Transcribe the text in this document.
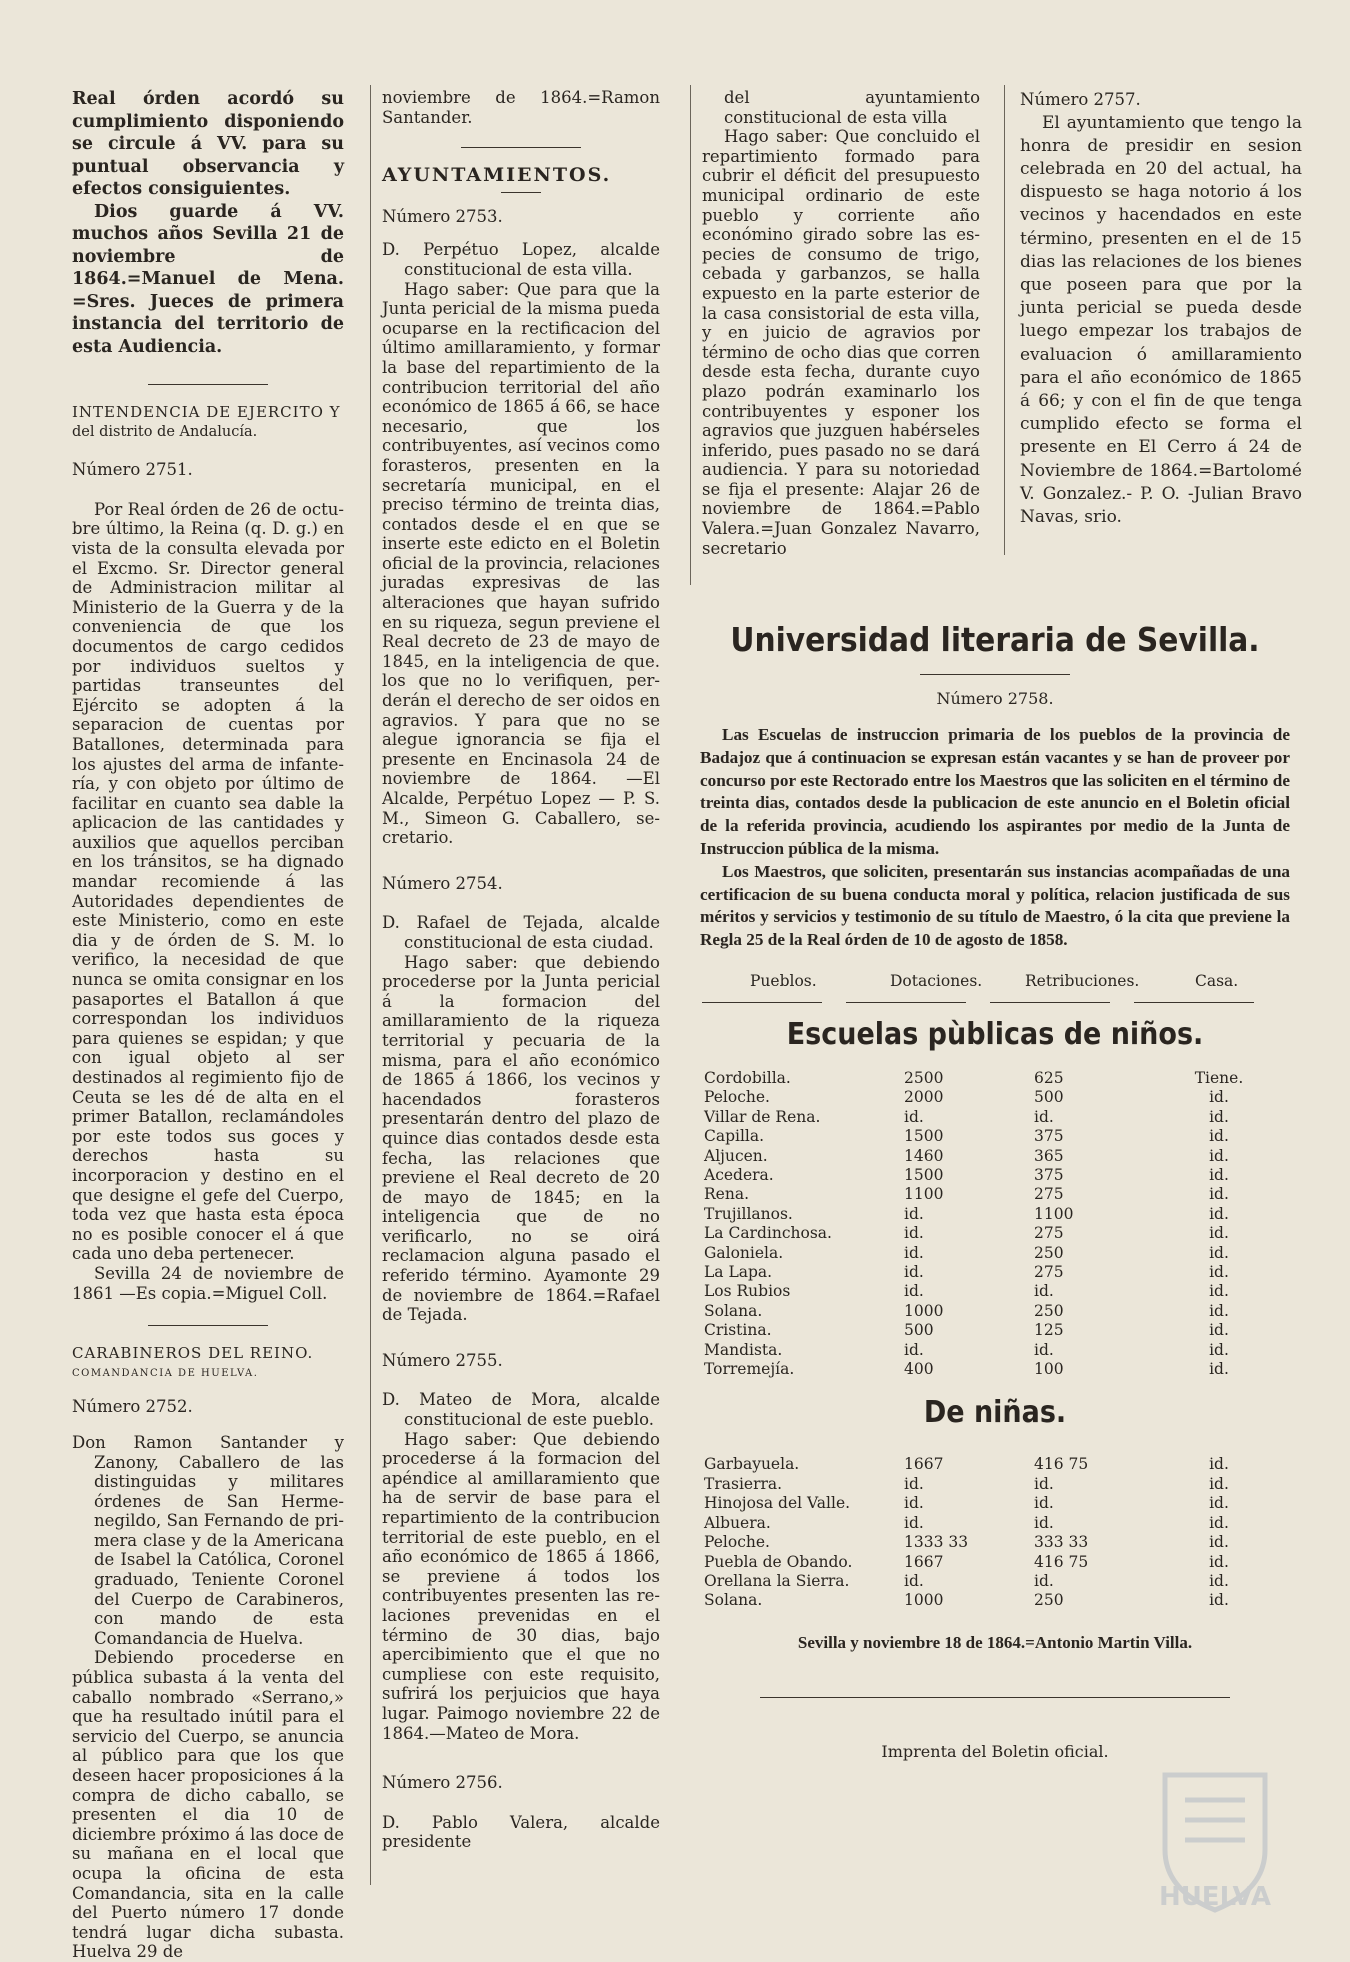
Real órden acordó su cumplimiento disponiendo se circule á VV. para su puntual observancia y efectos consiguientes.

Dios guarde á VV. muchos años Sevilla 21 de noviembre de 1864.=Manuel de Mena. =Sres. Jueces de primera instancia del territorio de esta Audiencia.

INTENDENCIA DE EJERCITO Y

del distrito de Andalucía.

Número 2751.

Por Real órden de 26 de octubre último, la Reina (q. D. g.) en vista de la consulta elevada por el Excmo. Sr. Director general de Administracion militar al Ministerio de la Guerra y de la conveniencia de que los documentos de cargo cedidos por individuos sueltos y partidas transeuntes del Ejército se adopten á la separacion de cuentas por Batallones, determinada para los ajustes del arma de infantería, y con objeto por último de facilitar en cuanto sea dable la aplicacion de las cantidades y auxilios que aquellos perciban en los tránsitos, se ha dignado mandar recomiende á las Autoridades dependientes de este Ministerio, como en este dia y de órden de S. M. lo verifico, la necesidad de que nunca se omita consignar en los pasaportes el Batallon á que correspondan los individuos para quienes se espidan; y que con igual objeto al ser destinados al regimiento fijo de Ceuta se les dé de alta en el primer Batallon, reclamándoles por este todos sus goces y derechos hasta su incorporacion y destino en el que designe el gefe del Cuerpo, toda vez que hasta esta época no es posible conocer el á que cada uno deba pertenecer.

Sevilla 24 de noviembre de 1861 —Es copia.=Miguel Coll.

CARABINEROS DEL REINO.

COMANDANCIA DE HUELVA.

Número 2752.

Don Ramon Santander y Zanony, Caballero de las distinguidas y militares órdenes de San Hermenegildo, San Fernando de primera clase y de la Americana de Isabel la Católica, Coronel graduado, Teniente Coronel del Cuerpo de Carabineros, con mando de esta Comandancia de Huelva.

Debiendo procederse en pública subasta á la venta del caballo nombrado «Serrano,» que ha resultado inútil para el servicio del Cuerpo, se anuncia al público para que los que deseen hacer proposiciones á la compra de dicho caballo, se presenten el dia 10 de diciembre próximo á las doce de su mañana en el local que ocupa la oficina de esta Comandancia, sita en la calle del Puerto número 17 donde tendrá lugar dicha subasta. Huelva 29 de

noviembre de 1864.=Ramon Santander.

AYUNTAMIENTOS.

Número 2753.

D. Perpétuo Lopez, alcalde constitucional de esta villa.

Hago saber: Que para que la Junta pericial de la misma pueda ocuparse en la rectificacion del último amillaramiento, y formar la base del repartimiento de la contribucion territorial del año económico de 1865 á 66, se hace necesario, que los contribuyentes, así vecinos como forasteros, presenten en la secretaría municipal, en el preciso término de treinta dias, contados desde el en que se inserte este edicto en el Boletin oficial de la provincia, relaciones juradas expresivas de las alteraciones que hayan sufrido en su riqueza, segun previene el Real decreto de 23 de mayo de 1845, en la inteligencia de que. los que no lo verifiquen, perderán el derecho de ser oidos en agravios. Y para que no se alegue ignorancia se fija el presente en Encinasola 24 de noviembre de 1864. —El Alcalde, Perpétuo Lopez — P. S. M., Simeon G. Caballero, secretario.

Número 2754.

D. Rafael de Tejada, alcalde constitucional de esta ciudad.

Hago saber: que debiendo procederse por la Junta pericial á la formacion del amillaramiento de la riqueza territorial y pecuaria de la misma, para el año económico de 1865 á 1866, los vecinos y hacendados forasteros presentarán dentro del plazo de quince dias contados desde esta fecha, las relaciones que previene el Real decreto de 20 de mayo de 1845; en la inteligencia que de no verificarlo, no se oirá reclamacion alguna pasado el referido término. Ayamonte 29 de noviembre de 1864.=Rafael de Tejada.

Número 2755.

D. Mateo de Mora, alcalde constitucional de este pueblo.

Hago saber: Que debiendo procederse á la formacion del apéndice al amillaramiento que ha de servir de base para el repartimiento de la contribucion territorial de este pueblo, en el año económico de 1865 á 1866, se previene á todos los contribuyentes presenten las relaciones prevenidas en el término de 30 dias, bajo apercibimiento que el que no cumpliese con este requisito, sufrirá los perjuicios que haya lugar. Paimogo noviembre 22 de 1864.—Mateo de Mora.

Número 2756.

D. Pablo Valera, alcalde presidente

del ayuntamiento constitucional de esta villa

Hago saber: Que concluido el repartimiento formado para cubrir el déficit del presupuesto municipal ordinario de este pueblo y corriente año económino girado sobre las especies de consumo de trigo, cebada y garbanzos, se halla expuesto en la parte esterior de la casa consistorial de esta villa, y en juicio de agravios por término de ocho dias que corren desde esta fecha, durante cuyo plazo podrán examinarlo los contribuyentes y esponer los agravios que juzguen habérseles inferido, pues pasado no se dará audiencia. Y para su notoriedad se fija el presente: Alajar 26 de noviembre de 1864.=Pablo Valera.=Juan Gonzalez Navarro, secretario

Número 2757.

El ayuntamiento que tengo la honra de presidir en sesion celebrada en 20 del actual, ha dispuesto se haga notorio á los vecinos y hacendados en este término, presenten en el de 15 dias las relaciones de los bienes que poseen para que por la junta pericial se pueda desde luego empezar los trabajos de evaluacion ó amillaramiento para el año económico de 1865 á 66; y con el fin de que tenga cumplido efecto se forma el presente en El Cerro á 24 de Noviembre de 1864.=Bartolomé V. Gonzalez.- P. O. -Julian Bravo Navas, srio.

Universidad literaria de Sevilla.

Número 2758.

Las Escuelas de instruccion primaria de los pueblos de la provincia de Badajoz que á continuacion se expresan están vacantes y se han de proveer por concurso por este Rectorado entre los Maestros que las soliciten en el término de treinta dias, contados desde la publicacion de este anuncio en el Boletin oficial de la referida provincia, acudiendo los aspirantes por medio de la Junta de Instruccion pública de la misma.

Los Maestros, que soliciten, presentarán sus instancias acompañadas de una certificacion de su buena conducta moral y política, relacion justificada de sus méritos y servicios y testimonio de su título de Maestro, ó la cita que previene la Regla 25 de la Real órden de 10 de agosto de 1858.

Pueblos.	Dotaciones.	Retribuciones.	Casa.

Escuelas pùblicas de niños.

Cordobilla.	2500	625	Tiene.
Peloche.	2000	500	id.
Villar de Rena.	id.	id.	id.
Capilla.	1500	375	id.
Aljucen.	1460	365	id.
Acedera.	1500	375	id.
Rena.	1100	275	id.
Trujillanos.	id.	1100	id.
La Cardinchosa.	id.	275	id.
Galoniela.	id.	250	id.
La Lapa.	id.	275	id.
Los Rubios	id.	id.	id.
Solana.	1000	250	id.
Cristina.	500	125	id.
Mandista.	id.	id.	id.
Torremejía.	400	100	id.

De niñas.

Garbayuela.	1667	416 75	id.
Trasierra.	id.	id.	id.
Hinojosa del Valle.	id.	id.	id.
Albuera.	id.	id.	id.
Peloche.	1333 33	333 33	id.
Puebla de Obando.	1667	416 75	id.
Orellana la Sierra.	id.	id.	id.
Solana.	1000	250	id.

Sevilla y noviembre 18 de 1864.=Antonio Martin Villa.

Imprenta del Boletin oficial.

HUELVA
